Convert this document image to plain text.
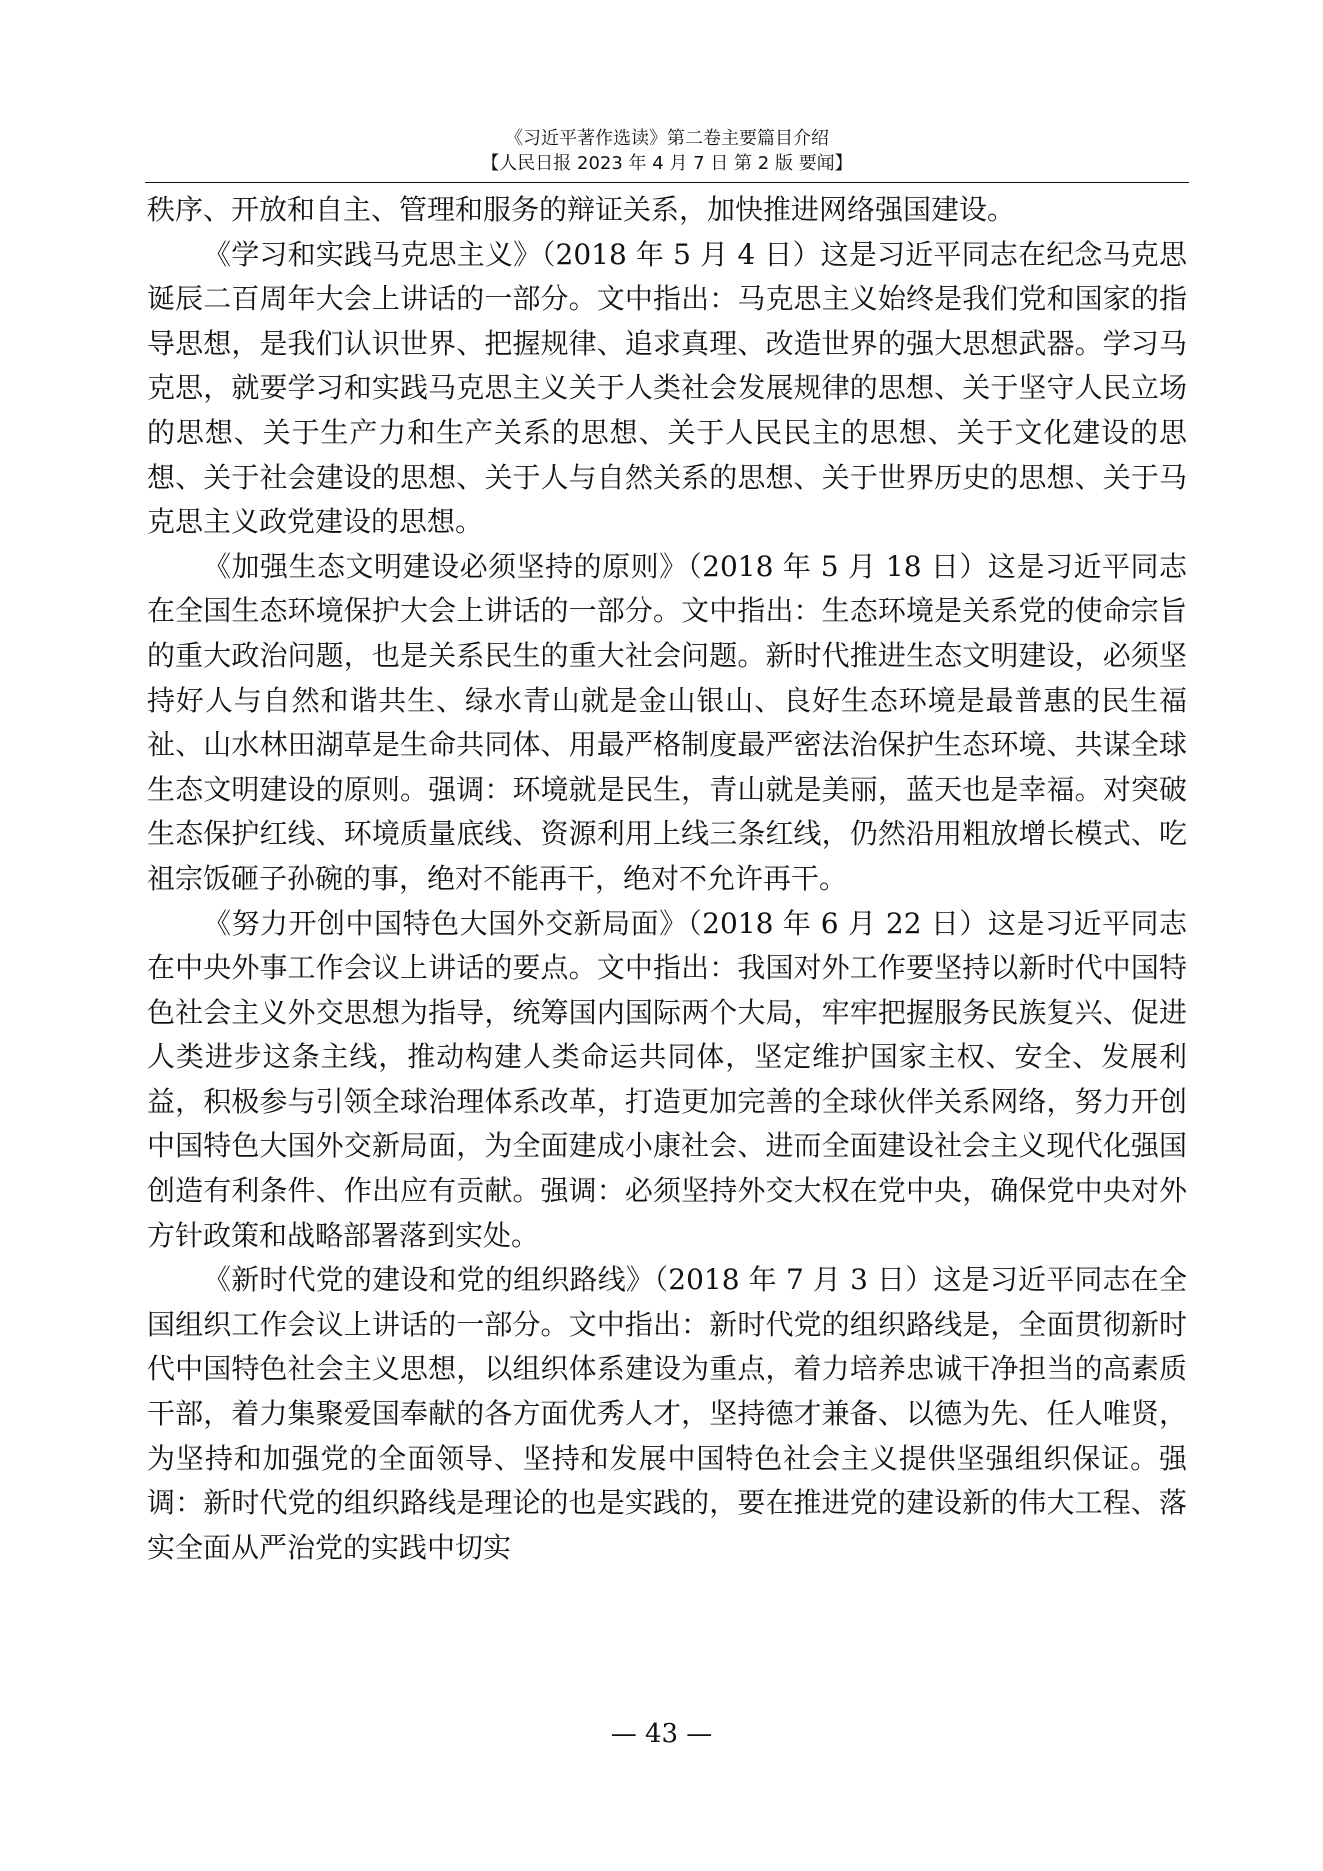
《习近平著作选读》第二卷主要篇目介绍
【人民日报 2023 年 4 月 7 日 第 2 版 要闻】

秩序、开放和自主、管理和服务的辩证关系，加快推进网络强国建设。

《学习和实践马克思主义》（2018 年 5 月 4 日）这是习近平同志在纪念马克思诞辰二百周年大会上讲话的一部分。文中指出：马克思主义始终是我们党和国家的指导思想，是我们认识世界、把握规律、追求真理、改造世界的强大思想武器。学习马克思，就要学习和实践马克思主义关于人类社会发展规律的思想、关于坚守人民立场的思想、关于生产力和生产关系的思想、关于人民民主的思想、关于文化建设的思想、关于社会建设的思想、关于人与自然关系的思想、关于世界历史的思想、关于马克思主义政党建设的思想。

《加强生态文明建设必须坚持的原则》（2018 年 5 月 18 日）这是习近平同志在全国生态环境保护大会上讲话的一部分。文中指出：生态环境是关系党的使命宗旨的重大政治问题，也是关系民生的重大社会问题。新时代推进生态文明建设，必须坚持好人与自然和谐共生、绿水青山就是金山银山、良好生态环境是最普惠的民生福祉、山水林田湖草是生命共同体、用最严格制度最严密法治保护生态环境、共谋全球生态文明建设的原则。强调：环境就是民生，青山就是美丽，蓝天也是幸福。对突破生态保护红线、环境质量底线、资源利用上线三条红线，仍然沿用粗放增长模式、吃祖宗饭砸子孙碗的事，绝对不能再干，绝对不允许再干。

《努力开创中国特色大国外交新局面》（2018 年 6 月 22 日）这是习近平同志在中央外事工作会议上讲话的要点。文中指出：我国对外工作要坚持以新时代中国特色社会主义外交思想为指导，统筹国内国际两个大局，牢牢把握服务民族复兴、促进人类进步这条主线，推动构建人类命运共同体，坚定维护国家主权、安全、发展利益，积极参与引领全球治理体系改革，打造更加完善的全球伙伴关系网络，努力开创中国特色大国外交新局面，为全面建成小康社会、进而全面建设社会主义现代化强国创造有利条件、作出应有贡献。强调：必须坚持外交大权在党中央，确保党中央对外方针政策和战略部署落到实处。

《新时代党的建设和党的组织路线》（2018 年 7 月 3 日）这是习近平同志在全国组织工作会议上讲话的一部分。文中指出：新时代党的组织路线是，全面贯彻新时代中国特色社会主义思想，以组织体系建设为重点，着力培养忠诚干净担当的高素质干部，着力集聚爱国奉献的各方面优秀人才，坚持德才兼备、以德为先、任人唯贤，为坚持和加强党的全面领导、坚持和发展中国特色社会主义提供坚强组织保证。强调：新时代党的组织路线是理论的也是实践的，要在推进党的建设新的伟大工程、落实全面从严治党的实践中切实

— 43 —
